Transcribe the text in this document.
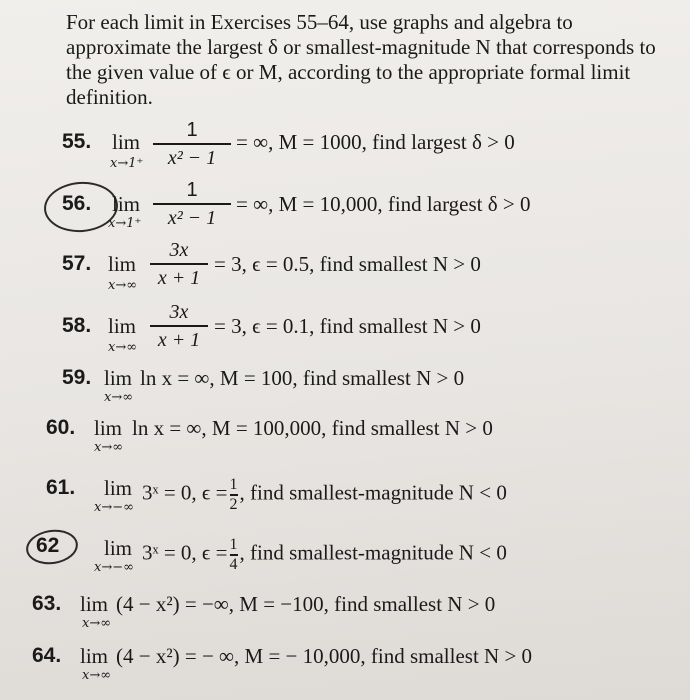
For each limit in Exercises 55–64, use graphs and algebra to approximate the largest δ or smallest-magnitude N that corresponds to the given value of ϵ or M, according to the appropriate formal limit definition.

55. lim
x→1⁺
1
x² − 1
= ∞, M = 1000, find largest δ > 0
56. lim
x→1⁺
1
x² − 1
= ∞, M = 10,000, find largest δ > 0
57. lim
x→∞
3x
x + 1
= 3, ϵ = 0.5, find smallest N > 0
58. lim
x→∞
3x
x + 1
= 3, ϵ = 0.1, find smallest N > 0
59. lim
x→∞
ln x = ∞, M = 100, find smallest N > 0
60. lim
x→∞
ln x = ∞, M = 100,000, find smallest N > 0
61. lim
x→−∞
3ˣ = 0, $\epsilon = \frac{1}{2}$, find smallest-magnitude N < 0
62 lim
x→−∞
3ˣ = 0, $\epsilon = \frac{1}{4}$, find smallest-magnitude N < 0
63. lim
x→∞
(4 − x²) = −∞, M = −100, find smallest N > 0
64. lim
x→∞
(4 − x²) = − ∞, M = − 10,000, find smallest N > 0
